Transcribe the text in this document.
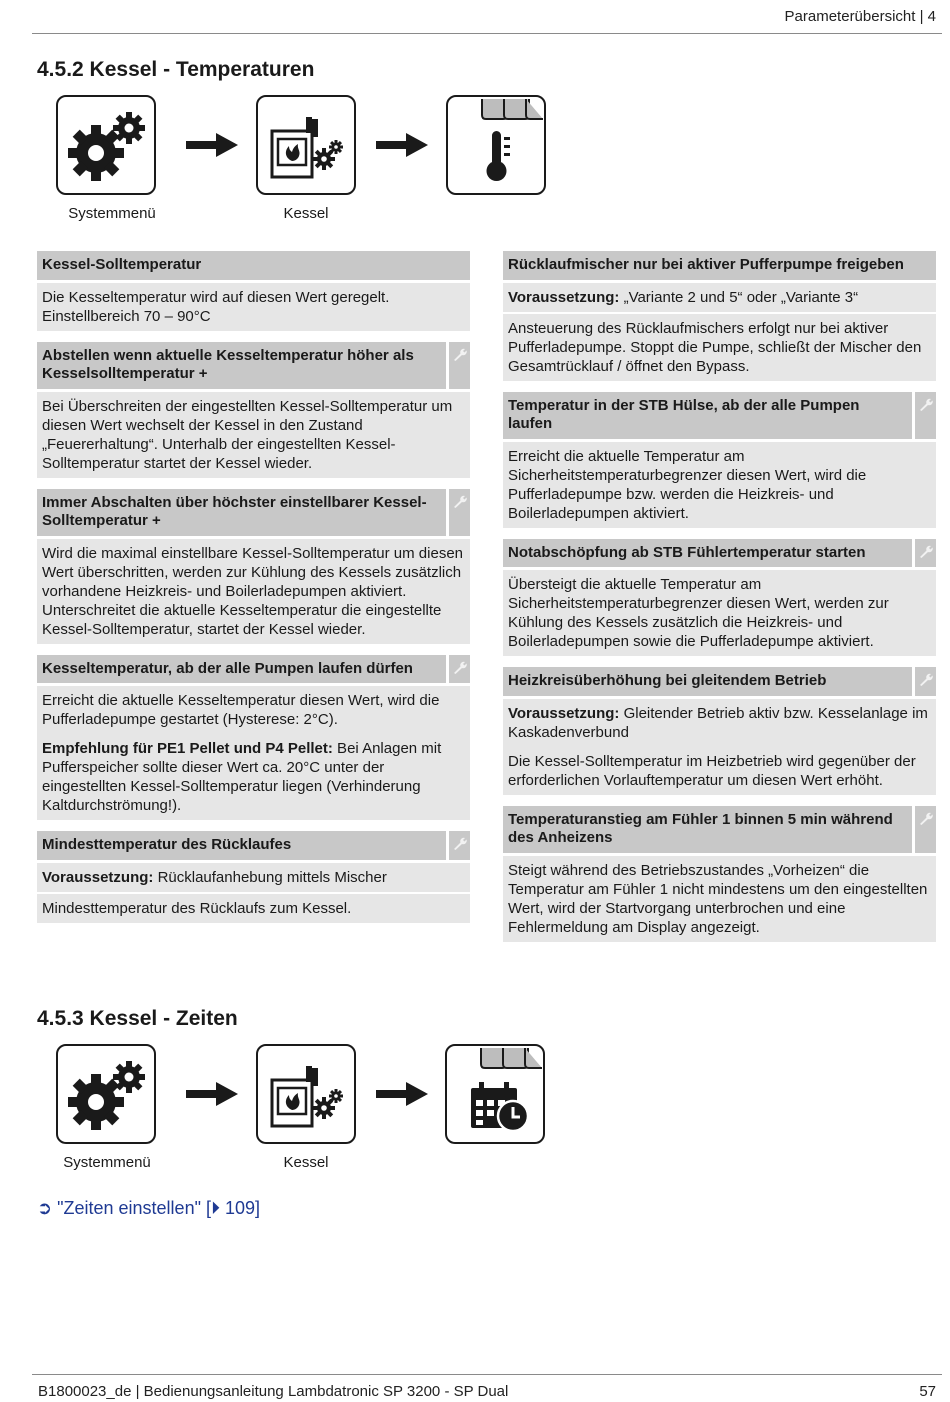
Parameterübersicht | 4
4.5.2 Kessel - Temperaturen
Systemmenü	Kessel
Kessel-Solltemperatur

Die Kesseltemperatur wird auf diesen Wert geregelt. Einstellbereich 70 – 90°C

Abstellen wenn aktuelle Kesseltemperatur höher als Kesselsolltemperatur +

Bei Überschreiten der eingestellten Kessel-Solltemperatur um diesen Wert wechselt der Kessel in den Zustand „Feuererhaltung“. Unterhalb der eingestellten Kessel-Solltemperatur startet der Kessel wieder.

Immer Abschalten über höchster einstellbarer Kessel-Solltemperatur +

Wird die maximal einstellbare Kessel-Solltemperatur um diesen Wert überschritten, werden zur Kühlung des Kessels zusätzlich vorhandene Heizkreis- und Boilerladepumpen aktiviert. Unterschreitet die aktuelle Kesseltemperatur die eingestellte Kessel-Solltemperatur, startet der Kessel wieder.

Kesseltemperatur, ab der alle Pumpen laufen dürfen

Erreicht die aktuelle Kesseltemperatur diesen Wert, wird die Pufferladepumpe gestartet (Hysterese: 2°C).

Empfehlung für PE1 Pellet und P4 Pellet: Bei Anlagen mit Pufferspeicher sollte dieser Wert ca. 20°C unter der eingestellten Kessel-Solltemperatur liegen (Verhinderung Kaltdurchströmung!).

Mindesttemperatur des Rücklaufes

Voraussetzung: Rücklaufanhebung mittels Mischer

Mindesttemperatur des Rücklaufs zum Kessel.

Rücklaufmischer nur bei aktiver Pufferpumpe freigeben

Voraussetzung: „Variante 2 und 5“ oder „Variante 3“

Ansteuerung des Rücklaufmischers erfolgt nur bei aktiver Pufferladepumpe. Stoppt die Pumpe, schließt der Mischer den Gesamtrücklauf / öffnet den Bypass.

Temperatur in der STB Hülse, ab der alle Pumpen laufen

Erreicht die aktuelle Temperatur am Sicherheitstemperaturbegrenzer diesen Wert, wird die Pufferladepumpe bzw. werden die Heizkreis- und Boilerladepumpen aktiviert.

Notabschöpfung ab STB Fühlertemperatur starten

Übersteigt die aktuelle Temperatur am Sicherheitstemperaturbegrenzer diesen Wert, werden zur Kühlung des Kessels zusätzlich die Heizkreis- und Boilerladepumpen sowie die Pufferladepumpe aktiviert.

Heizkreisüberhöhung bei gleitendem Betrieb

Voraussetzung: Gleitender Betrieb aktiv bzw. Kesselanlage im Kaskadenverbund

Die Kessel-Solltemperatur im Heizbetrieb wird gegenüber der erforderlichen Vorlauftemperatur um diesen Wert erhöht.

Temperaturanstieg am Fühler 1 binnen 5 min während des Anheizens

Steigt während des Betriebszustandes „Vorheizen“ die Temperatur am Fühler 1 nicht mindestens um den eingestellten Wert, wird der Startvorgang unterbrochen und eine Fehlermeldung am Display angezeigt.

4.5.3 Kessel - Zeiten
Systemmenü	Kessel
➲ "Zeiten einstellen" [⏵ 109]
B1800023_de | Bedienungsanleitung Lambdatronic SP 3200 - SP Dual	57
